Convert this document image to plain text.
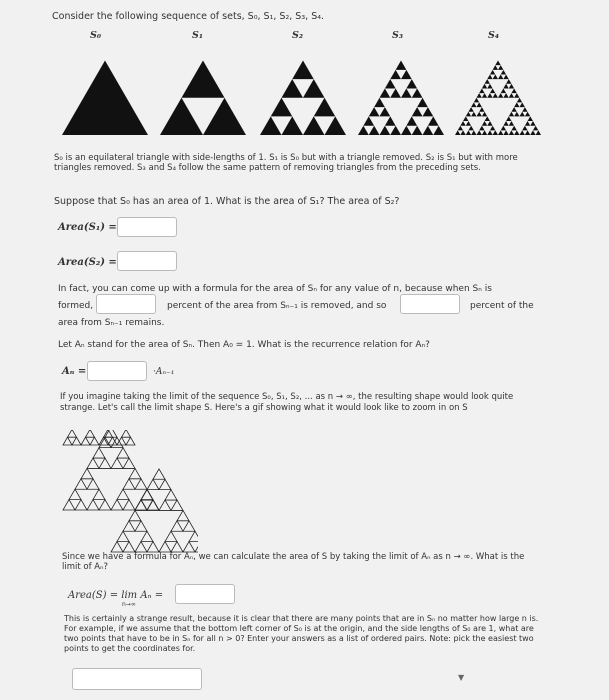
Consider the following sequence of sets, S₀, S₁, S₂, S₃, S₄.
S₀	S₁	S₂	S₃	S₄
S₀ is an equilateral triangle with side-lengths of 1. S₁ is S₀ but with a triangle removed. S₂ is S₁ but with more triangles removed. S₃ and S₄ follow the same pattern of removing triangles from the preceding sets.
Suppose that S₀ has an area of 1. What is the area of S₁? The area of S₂?
Area(S₁) =
Area(S₂) =
In fact, you can come up with a formula for the area of Sₙ for any value of n, because when Sₙ is
formed,	percent of the area from Sₙ₋₁ is removed, and so	percent of the
area from Sₙ₋₁ remains.
Let Aₙ stand for the area of Sₙ. Then A₀ = 1. What is the recurrence relation for Aₙ?
Aₙ =	·Aₙ₋₁
If you imagine taking the limit of the sequence S₀, S₁, S₂, ... as n → ∞, the resulting shape would look quite strange. Let's call the limit shape S. Here's a gif showing what it would look like to zoom in on S
Since we have a formula for Aₙ, we can calculate the area of S by taking the limit of Aₙ as n → ∞. What is the limit of Aₙ?
Area(S) = lim Aₙ =
n→∞
This is certainly a strange result, because it is clear that there are many points that are in Sₙ no matter how large n is. For example, if we assume that the bottom left corner of S₀ is at the origin, and the side lengths of S₀ are 1, what are two points that have to be in Sₙ for all n > 0? Enter your answers as a list of ordered pairs. Note: pick the easiest two points to get the coordinates for.
▼
